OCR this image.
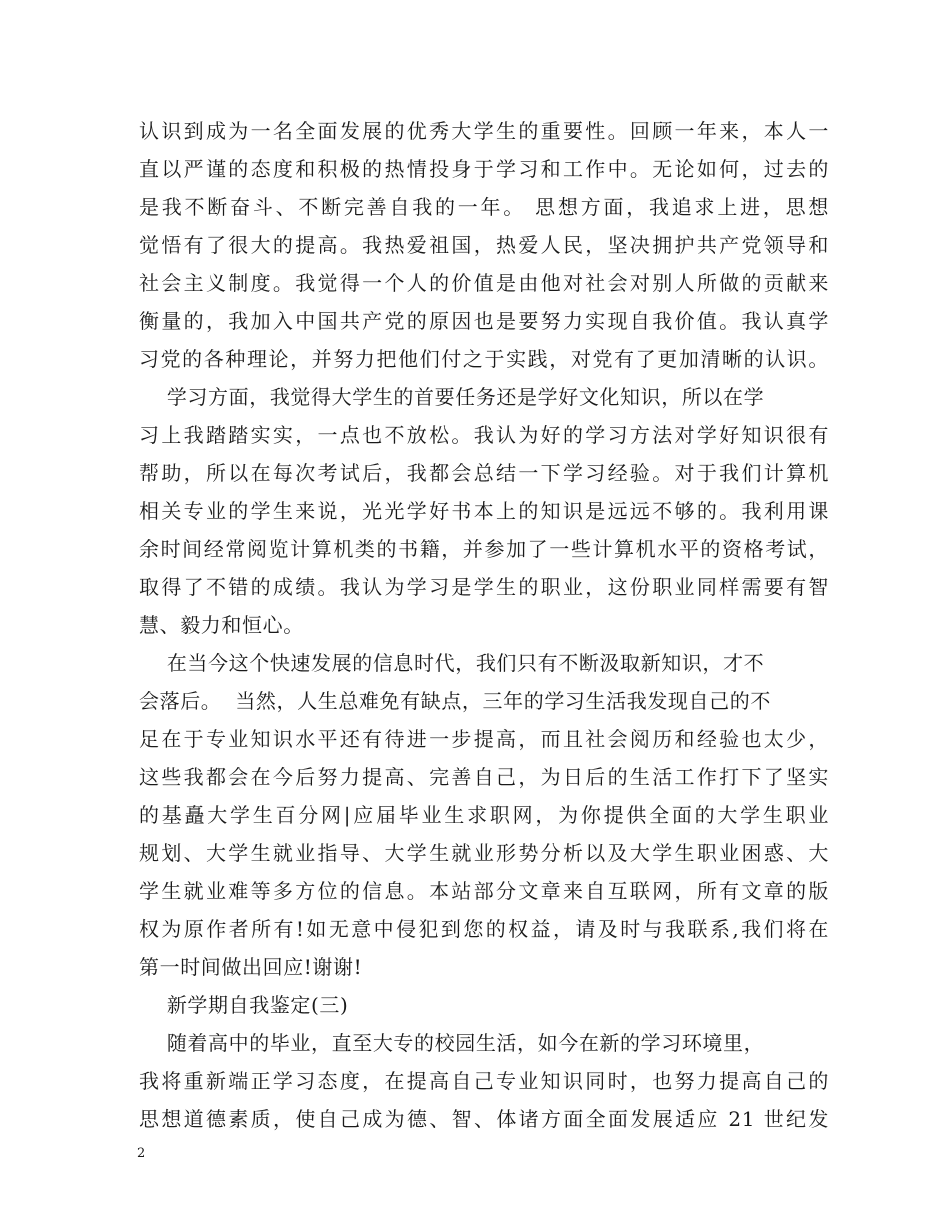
认识到成为一名全面发展的优秀大学生的重要性。回顾一年来，本人一
直以严谨的态度和积极的热情投身于学习和工作中。无论如何，过去的
是我不断奋斗、不断完善自我的一年。 思想方面，我追求上进，思想
觉悟有了很大的提高。我热爱祖国，热爱人民，坚决拥护共产党领导和
社会主义制度。我觉得一个人的价值是由他对社会对别人所做的贡献来
衡量的，我加入中国共产党的原因也是要努力实现自我价值。我认真学
习党的各种理论，并努力把他们付之于实践，对党有了更加清晰的认识。
学习方面，我觉得大学生的首要任务还是学好文化知识，所以在学
习上我踏踏实实，一点也不放松。我认为好的学习方法对学好知识很有
帮助，所以在每次考试后，我都会总结一下学习经验。对于我们计算机
相关专业的学生来说，光光学好书本上的知识是远远不够的。我利用课
余时间经常阅览计算机类的书籍，并参加了一些计算机水平的资格考试，
取得了不错的成绩。我认为学习是学生的职业，这份职业同样需要有智
慧、毅力和恒心。
在当今这个快速发展的信息时代，我们只有不断汲取新知识，才不
会落后。  当然，人生总难免有缺点，三年的学习生活我发现自己的不
足在于专业知识水平还有待进一步提高，而且社会阅历和经验也太少，
这些我都会在今后努力提高、完善自己，为日后的生活工作打下了坚实
的基矗大学生百分网|应届毕业生求职网，为你提供全面的大学生职业
规划、大学生就业指导、大学生就业形势分析以及大学生职业困惑、大
学生就业难等多方位的信息。本站部分文章来自互联网，所有文章的版
权为原作者所有!如无意中侵犯到您的权益，请及时与我联系,我们将在
第一时间做出回应!谢谢!
新学期自我鉴定(三)
随着高中的毕业，直至大专的校园生活，如今在新的学习环境里，
我将重新端正学习态度，在提高自己专业知识同时，也努力提高自己的
思想道德素质，使自己成为德、智、体诸方面全面发展适应 21 世纪发
2
